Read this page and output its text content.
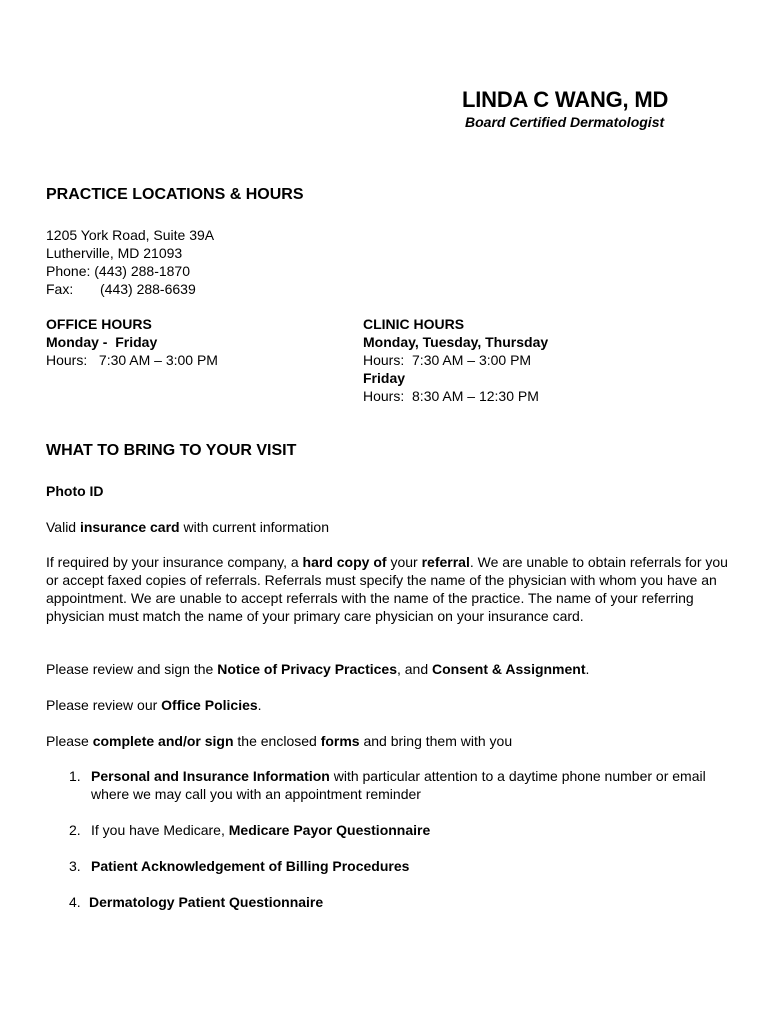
LINDA C WANG, MD
Board Certified Dermatologist
PRACTICE LOCATIONS & HOURS
1205 York Road, Suite 39A
Lutherville, MD 21093
Phone: (443) 288-1870
Fax: (443) 288-6639
OFFICE HOURS
Monday -  Friday
Hours:   7:30 AM – 3:00 PM
CLINIC HOURS
Monday, Tuesday, Thursday
Hours:  7:30 AM – 3:00 PM
Friday
Hours:  8:30 AM – 12:30 PM
WHAT TO BRING TO YOUR VISIT
Photo ID
Valid insurance card with current information
If required by your insurance company, a hard copy of your referral. We are unable to obtain referrals for you or accept faxed copies of referrals. Referrals must specify the name of the physician with whom you have an appointment. We are unable to accept referrals with the name of the practice. The name of your referring physician must match the name of your primary care physician on your insurance card.
Please review and sign the Notice of Privacy Practices, and Consent & Assignment.
Please review our Office Policies.
Please complete and/or sign the enclosed forms and bring them with you
1. Personal and Insurance Information with particular attention to a daytime phone number or email where we may call you with an appointment reminder
2. If you have Medicare, Medicare Payor Questionnaire
3. Patient Acknowledgement of Billing Procedures
4. Dermatology Patient Questionnaire
